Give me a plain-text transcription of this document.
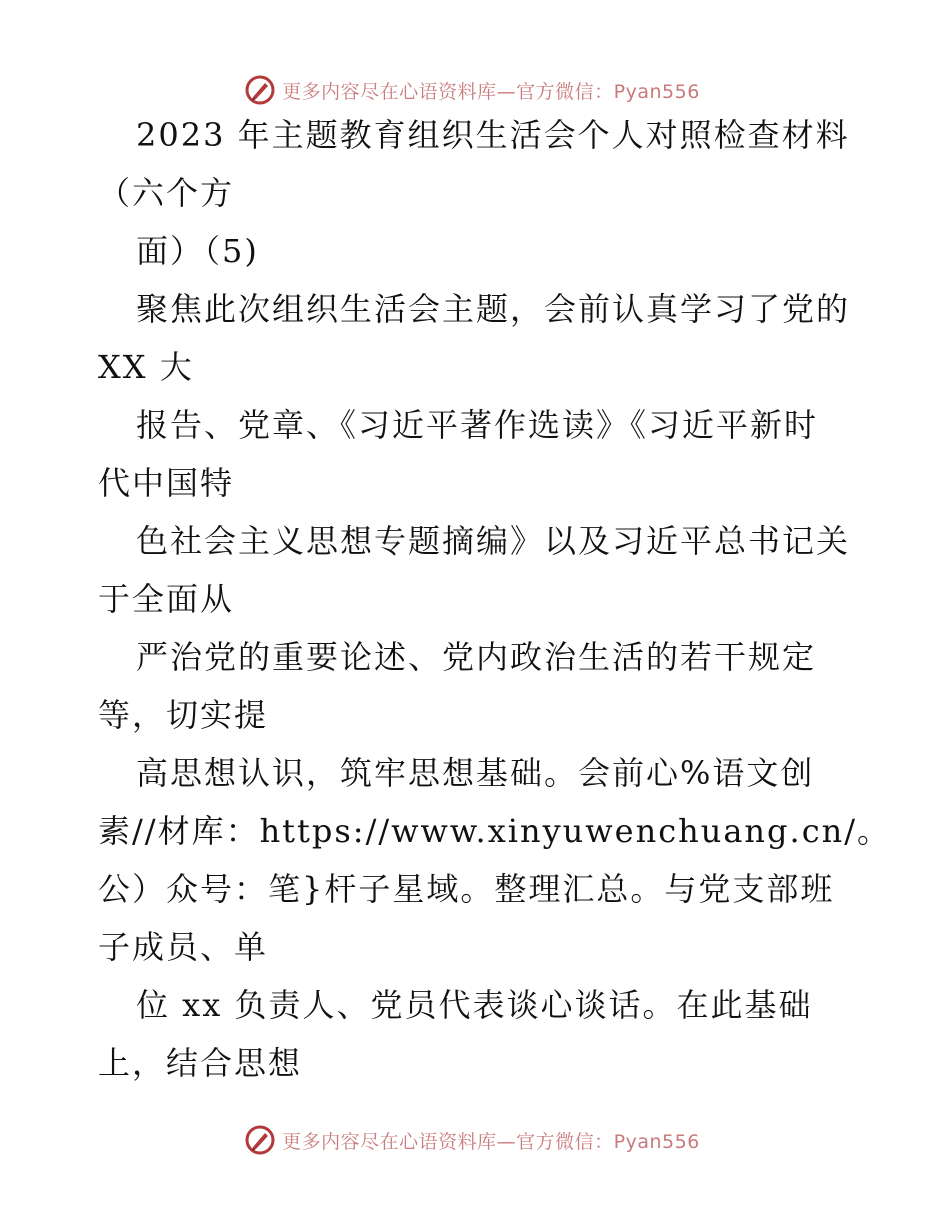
更多内容尽在心语资料库—官方微信：Pyan556
2023 年主题教育组织生活会个人对照检查材料
（六个方
面）（5)
聚焦此次组织生活会主题，会前认真学习了党的
XX 大
报告、党章、《习近平著作选读》《习近平新时
代中国特
色社会主义思想专题摘编》以及习近平总书记关
于全面从
严治党的重要论述、党内政治生活的若干规定
等，切实提
高思想认识，筑牢思想基础。会前心%语文创
素//材库：https://www.xinyuwenchuang.cn/。
公）众号：笔}杆子星域。整理汇总。与党支部班
子成员、单
位 xx 负责人、党员代表谈心谈话。在此基础
上，结合思想
更多内容尽在心语资料库—官方微信：Pyan556
